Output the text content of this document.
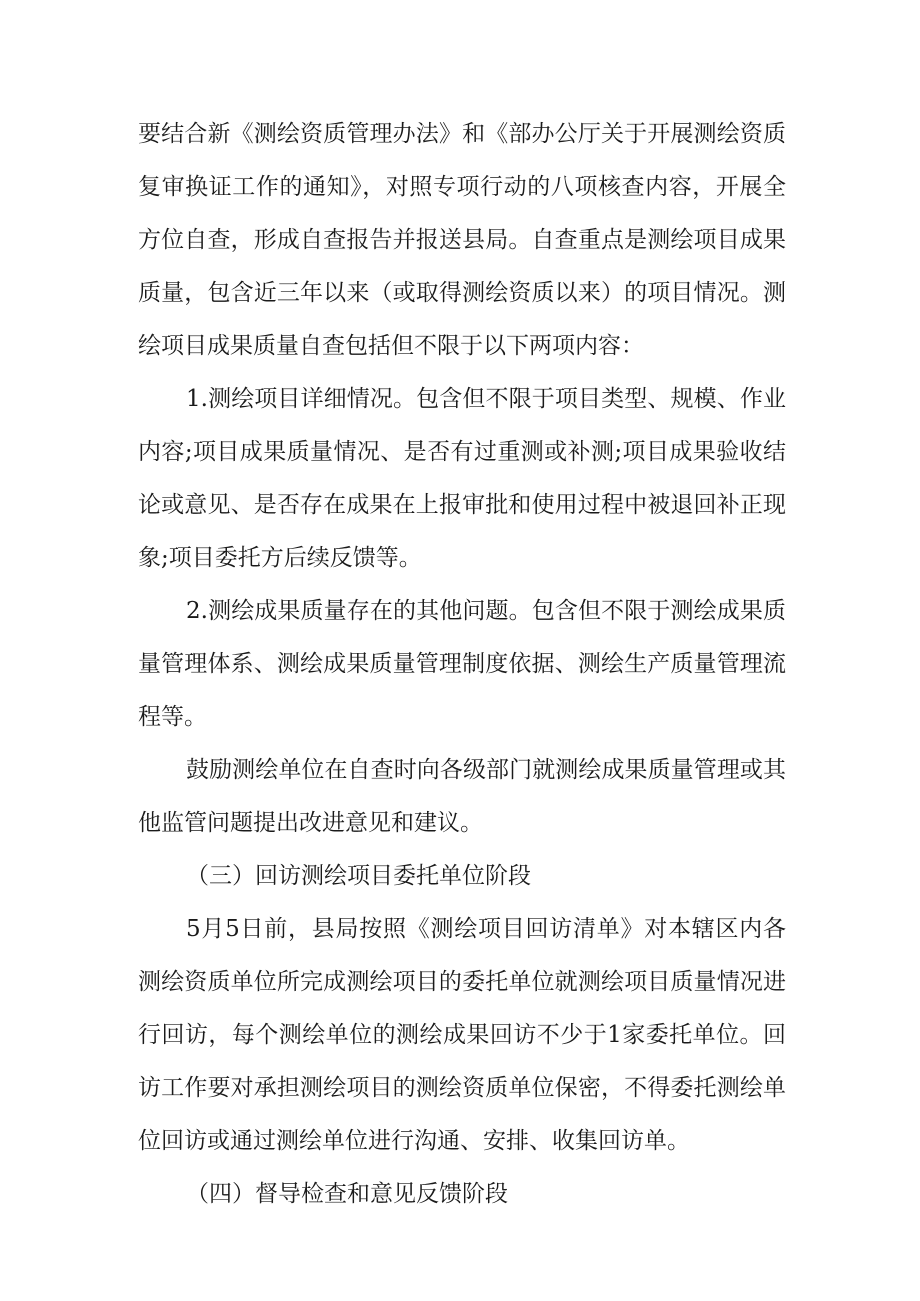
要结合新《测绘资质管理办法》和《部办公厅关于开展测绘资质
复审换证工作的通知》，对照专项行动的八项核查内容，开展全
方位自查，形成自查报告并报送县局。自查重点是测绘项目成果
质量，包含近三年以来（或取得测绘资质以来）的项目情况。测
绘项目成果质量自查包括但不限于以下两项内容：
1.测绘项目详细情况。包含但不限于项目类型、规模、作业
内容;项目成果质量情况、是否有过重测或补测;项目成果验收结
论或意见、是否存在成果在上报审批和使用过程中被退回补正现
象;项目委托方后续反馈等。
2.测绘成果质量存在的其他问题。包含但不限于测绘成果质
量管理体系、测绘成果质量管理制度依据、测绘生产质量管理流
程等。
鼓励测绘单位在自查时向各级部门就测绘成果质量管理或其
他监管问题提出改进意见和建议。
（三）回访测绘项目委托单位阶段
5月5日前，县局按照《测绘项目回访清单》对本辖区内各
测绘资质单位所完成测绘项目的委托单位就测绘项目质量情况进
行回访，每个测绘单位的测绘成果回访不少于1家委托单位。回
访工作要对承担测绘项目的测绘资质单位保密，不得委托测绘单
位回访或通过测绘单位进行沟通、安排、收集回访单。
（四）督导检查和意见反馈阶段
